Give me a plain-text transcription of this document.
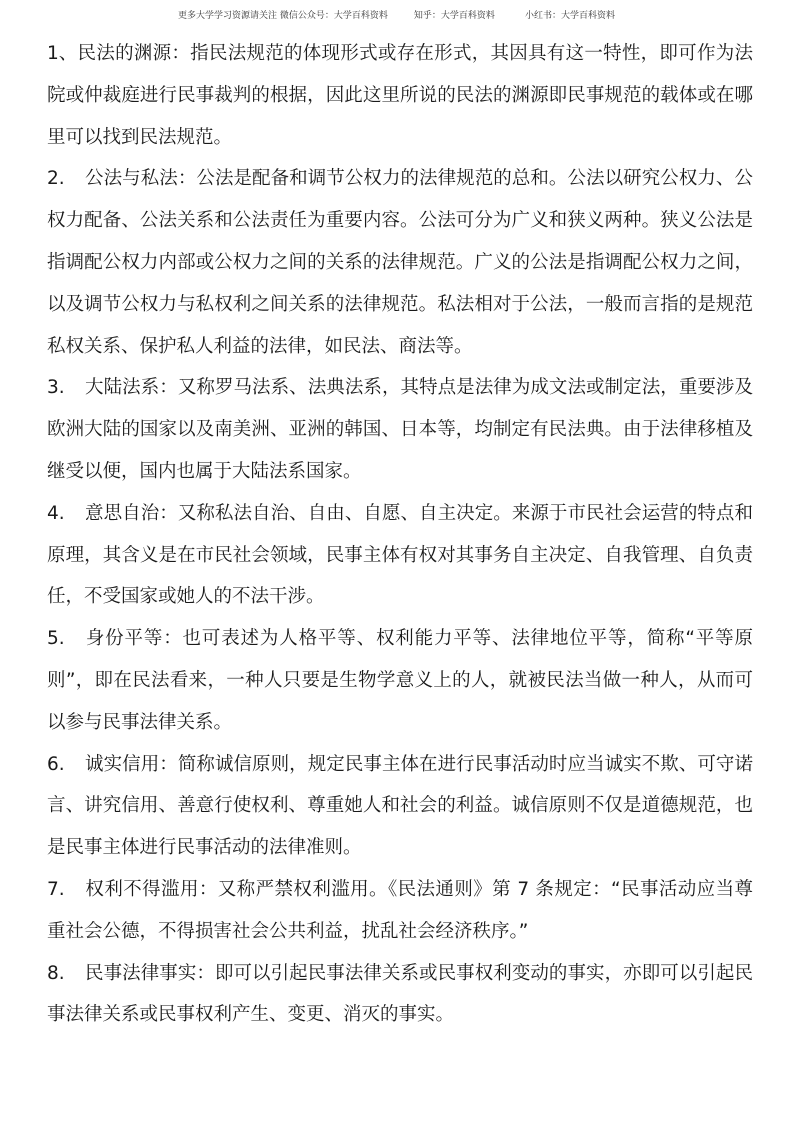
更多大学学习资源请关注 微信公众号：大学百科资料	知乎：大学百科资料	小红书：大学百科资料

1、民法的渊源：指民法规范的体现形式或存在形式，其因具有这一特性，即可作为法院或仲裁庭进行民事裁判的根据，因此这里所说的民法的渊源即民事规范的载体或在哪里可以找到民法规范。

2. 公法与私法：公法是配备和调节公权力的法律规范的总和。公法以研究公权力、公权力配备、公法关系和公法责任为重要内容。公法可分为广义和狭义两种。狭义公法是指调配公权力内部或公权力之间的关系的法律规范。广义的公法是指调配公权力之间，以及调节公权力与私权利之间关系的法律规范。私法相对于公法，一般而言指的是规范私权关系、保护私人利益的法律，如民法、商法等。

3. 大陆法系：又称罗马法系、法典法系，其特点是法律为成文法或制定法，重要涉及欧洲大陆的国家以及南美洲、亚洲的韩国、日本等，均制定有民法典。由于法律移植及继受以便，国内也属于大陆法系国家。

4. 意思自治：又称私法自治、自由、自愿、自主决定。来源于市民社会运营的特点和原理，其含义是在市民社会领域，民事主体有权对其事务自主决定、自我管理、自负责任，不受国家或她人的不法干涉。

5. 身份平等：也可表述为人格平等、权利能力平等、法律地位平等，简称“平等原则”，即在民法看来，一种人只要是生物学意义上的人，就被民法当做一种人，从而可以参与民事法律关系。

6. 诚实信用：简称诚信原则，规定民事主体在进行民事活动时应当诚实不欺、可守诺言、讲究信用、善意行使权利、尊重她人和社会的利益。诚信原则不仅是道德规范，也是民事主体进行民事活动的法律准则。

7. 权利不得滥用：又称严禁权利滥用。《民法通则》第 7 条规定：“民事活动应当尊重社会公德，不得损害社会公共利益，扰乱社会经济秩序。”

8. 民事法律事实：即可以引起民事法律关系或民事权利变动的事实，亦即可以引起民事法律关系或民事权利产生、变更、消灭的事实。
